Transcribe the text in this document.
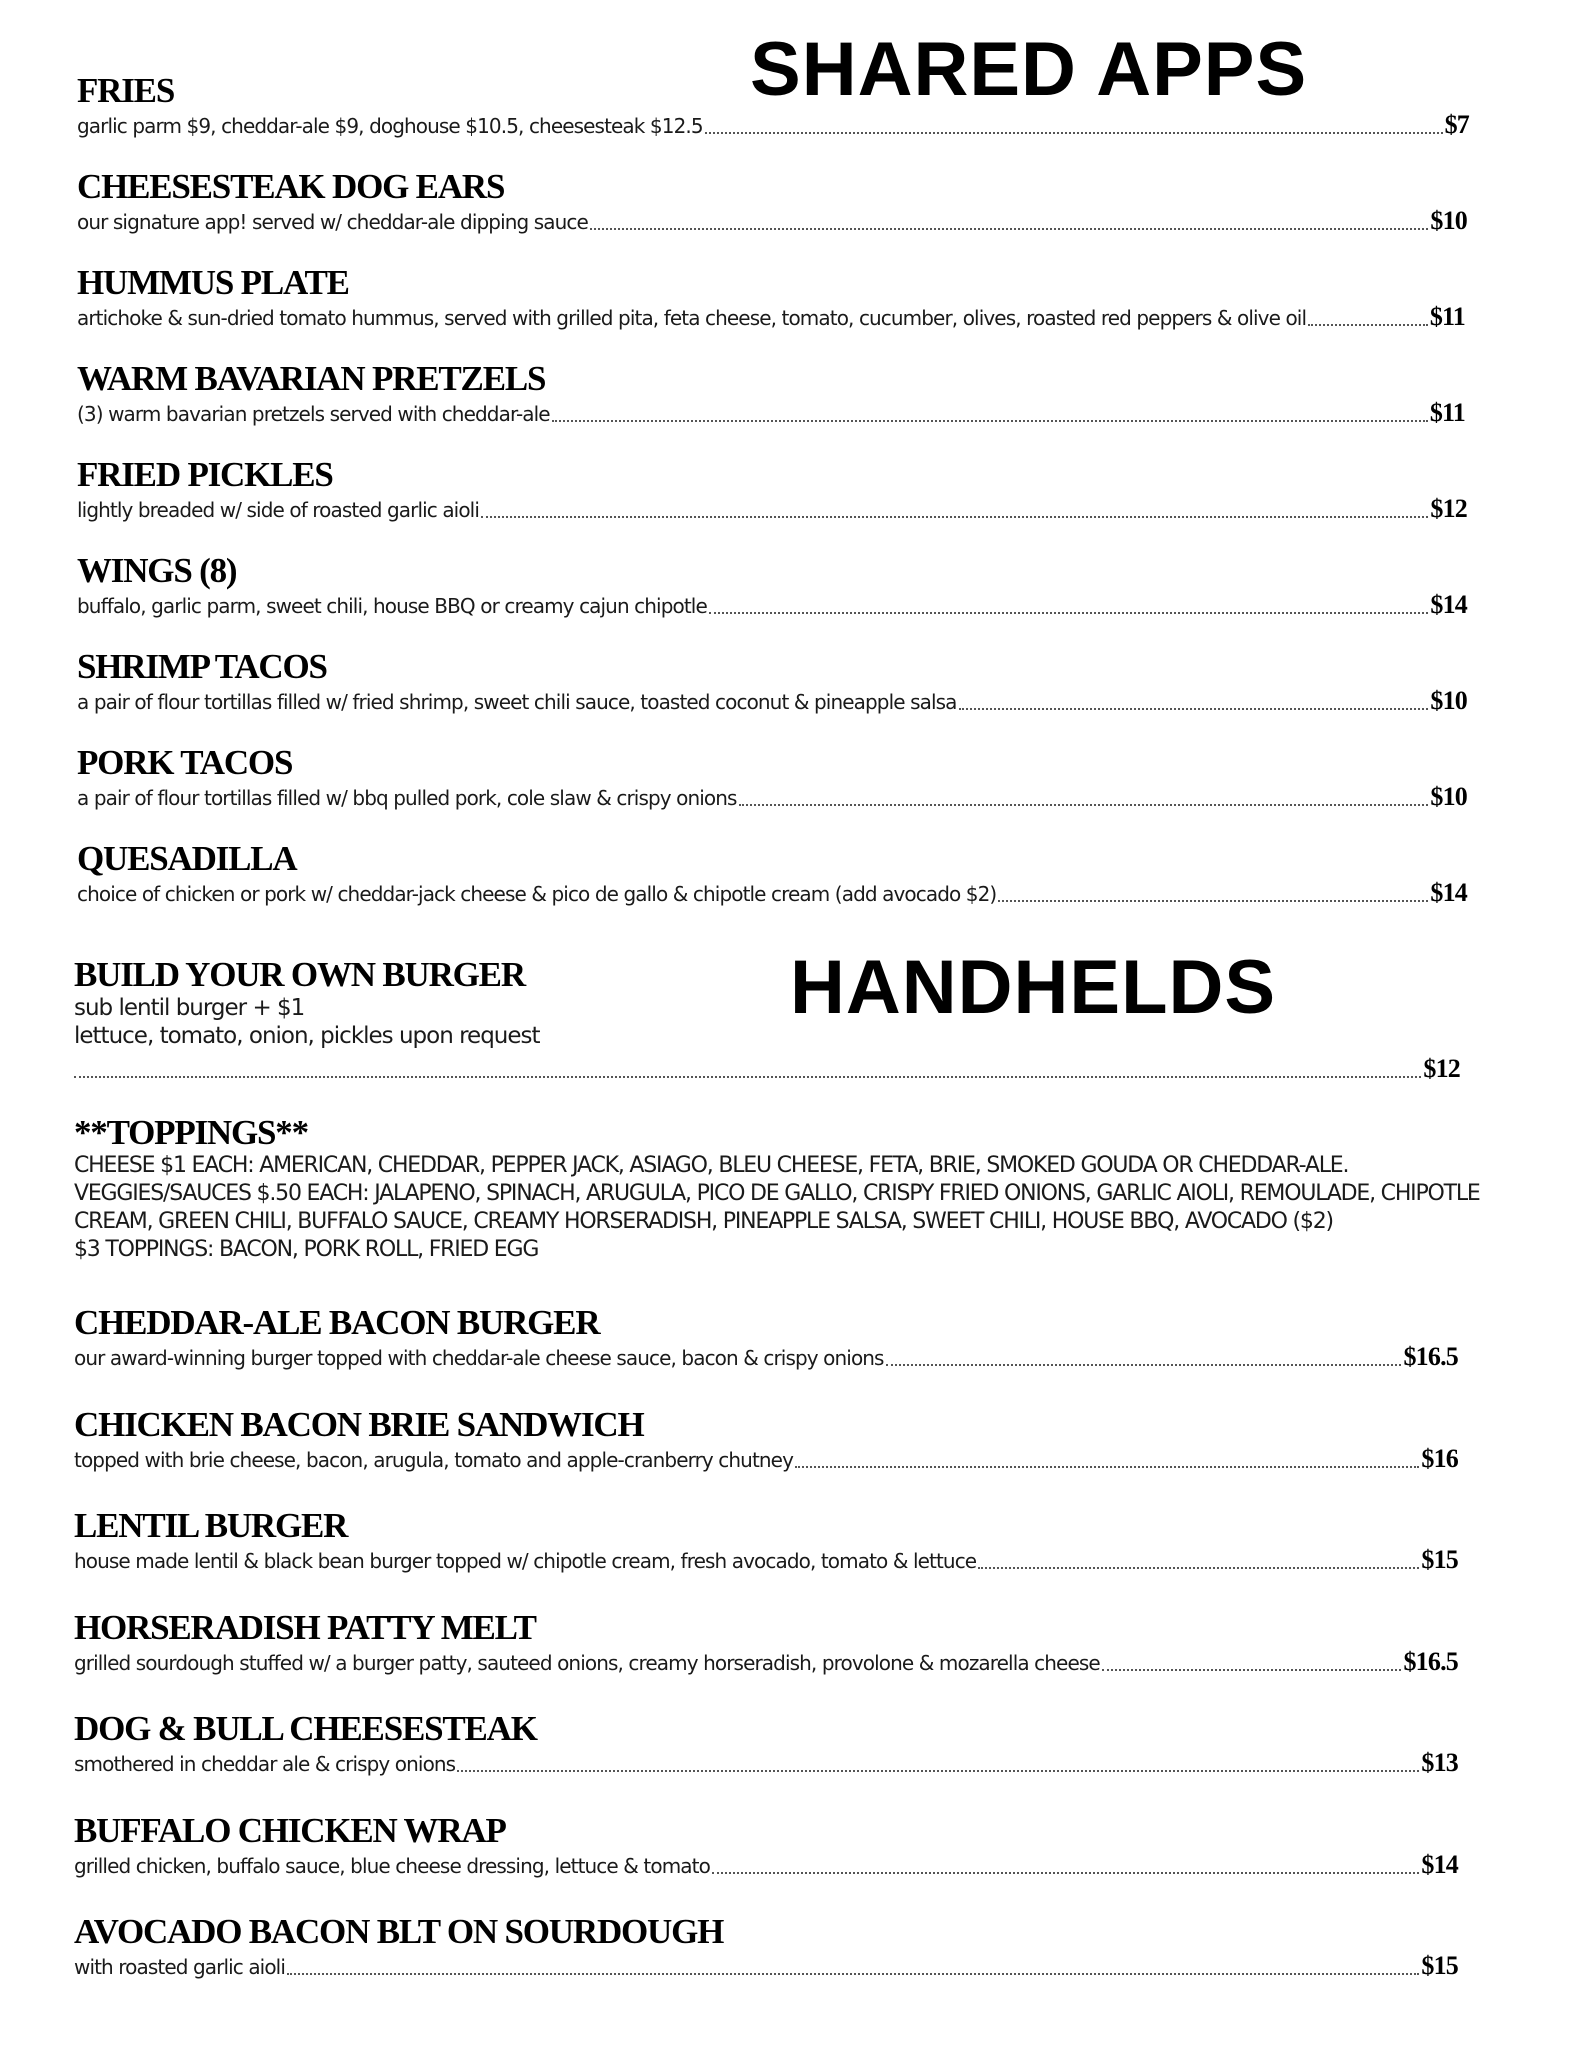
SHARED APPS
HANDHELDS
FRIES
garlic parm $9, cheddar-ale $9, doghouse $10.5, cheesesteak $12.5	$7
CHEESESTEAK DOG EARS
our signature app! served w/ cheddar-ale dipping sauce	$10
HUMMUS PLATE
artichoke & sun-dried tomato hummus, served with grilled pita, feta cheese, tomato, cucumber, olives, roasted red peppers & olive oil	$11
WARM BAVARIAN PRETZELS
(3) warm bavarian pretzels served with cheddar-ale	$11
FRIED PICKLES
lightly breaded w/ side of roasted garlic aioli	$12
WINGS (8)
buffalo, garlic parm, sweet chili, house BBQ or creamy cajun chipotle	$14
SHRIMP TACOS
a pair of flour tortillas filled w/ fried shrimp, sweet chili sauce, toasted coconut & pineapple salsa	$10
PORK TACOS
a pair of flour tortillas filled w/ bbq pulled pork, cole slaw & crispy onions	$10
QUESADILLA
choice of chicken or pork w/ cheddar-jack cheese & pico de gallo & chipotle cream (add avocado $2)	$14
BUILD YOUR OWN BURGER
sub lentil burger + $1
lettuce, tomato, onion, pickles upon request
$12
**TOPPINGS**
CHEESE $1 EACH: AMERICAN, CHEDDAR, PEPPER JACK, ASIAGO, BLEU CHEESE, FETA, BRIE, SMOKED GOUDA OR CHEDDAR-ALE.
VEGGIES/SAUCES $.50 EACH: JALAPENO, SPINACH, ARUGULA, PICO DE GALLO, CRISPY FRIED ONIONS, GARLIC AIOLI, REMOULADE, CHIPOTLE
CREAM, GREEN CHILI, BUFFALO SAUCE, CREAMY HORSERADISH, PINEAPPLE SALSA, SWEET CHILI, HOUSE BBQ, AVOCADO ($2)
$3 TOPPINGS: BACON, PORK ROLL, FRIED EGG
CHEDDAR-ALE BACON BURGER
our award-winning burger topped with cheddar-ale cheese sauce, bacon & crispy onions	$16.5
CHICKEN BACON BRIE SANDWICH
topped with brie cheese, bacon, arugula, tomato and apple-cranberry chutney	$16
LENTIL BURGER
house made lentil & black bean burger topped w/ chipotle cream, fresh avocado, tomato & lettuce	$15
HORSERADISH PATTY MELT
grilled sourdough stuffed w/ a burger patty, sauteed onions, creamy horseradish, provolone & mozarella cheese	$16.5
DOG & BULL CHEESESTEAK
smothered in cheddar ale & crispy onions	$13
BUFFALO CHICKEN WRAP
grilled chicken, buffalo sauce, blue cheese dressing, lettuce & tomato	$14
AVOCADO BACON BLT ON SOURDOUGH
with roasted garlic aioli	$15
